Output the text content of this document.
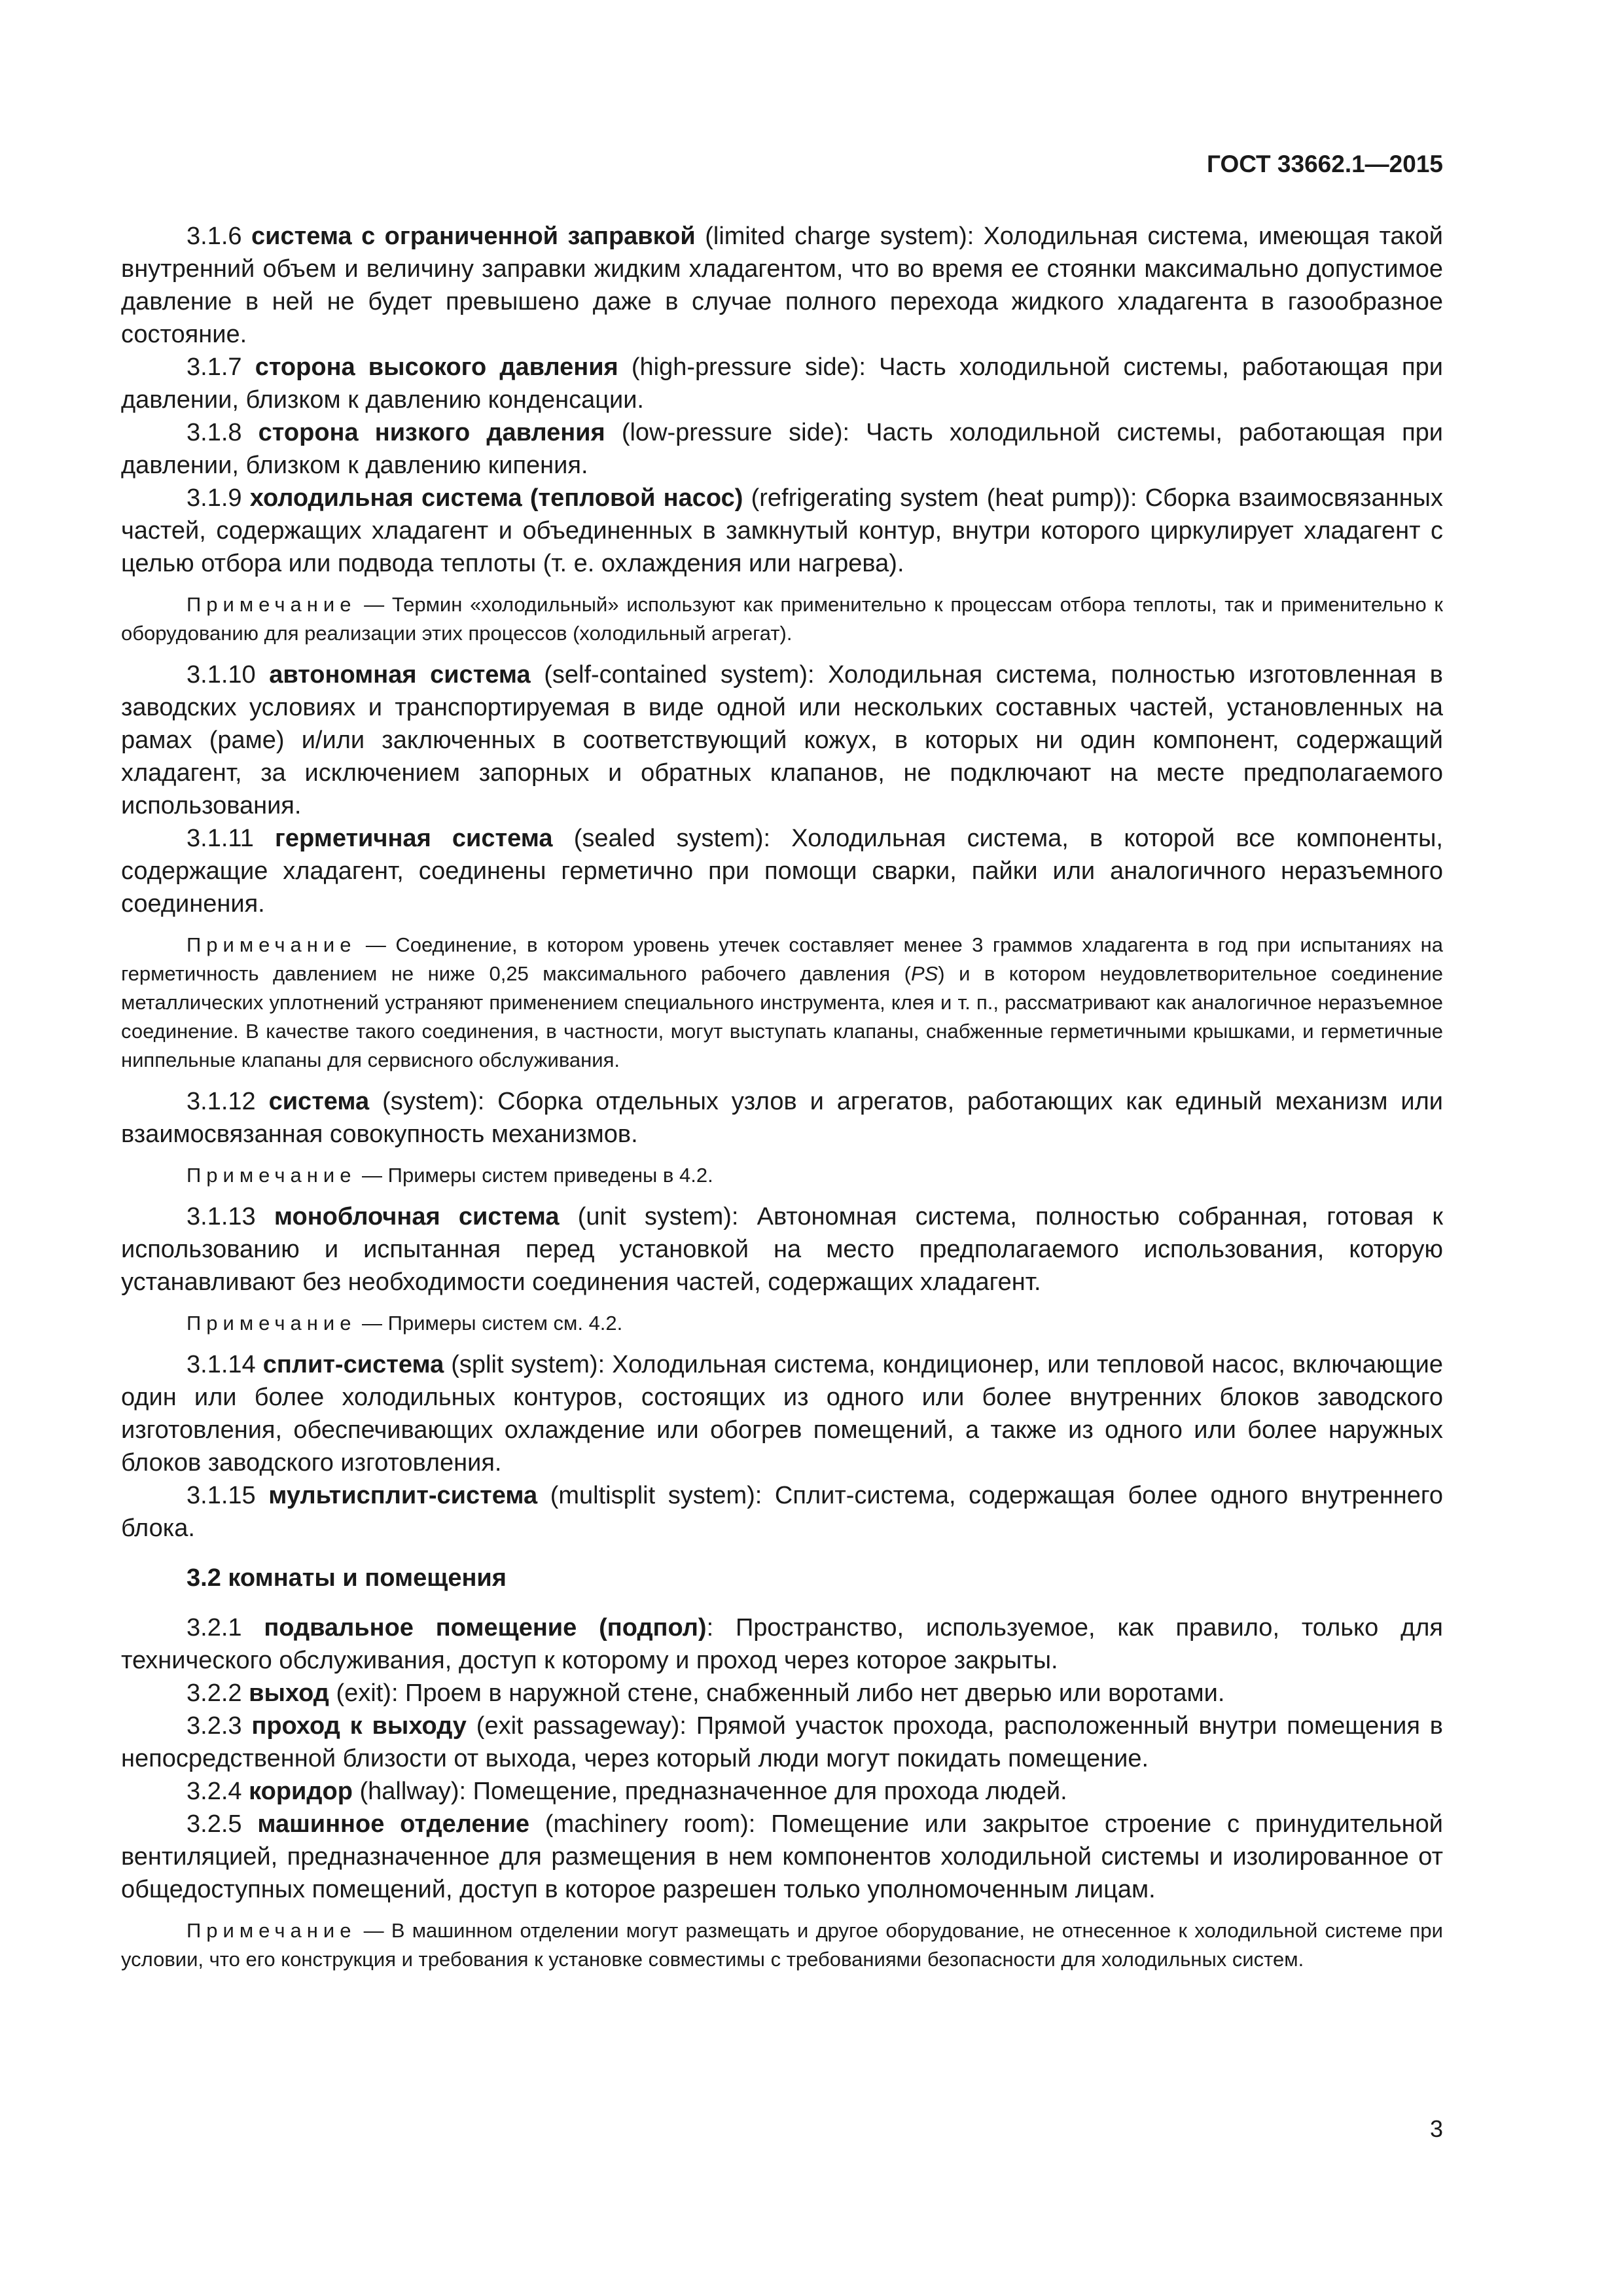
ГОСТ 33662.1—2015

3.1.6 система с ограниченной заправкой (limited charge system): Холодильная система, имеющая такой внутренний объем и величину заправки жидким хладагентом, что во время ее стоянки максимально допустимое давление в ней не будет превышено даже в случае полного перехода жидкого хладагента в газообразное состояние.

3.1.7 сторона высокого давления (high-pressure side): Часть холодильной системы, работающая при давлении, близком к давлению конденсации.

3.1.8 сторона низкого давления (low-pressure side): Часть холодильной системы, работающая при давлении, близком к давлению кипения.

3.1.9 холодильная система (тепловой насос) (refrigerating system (heat pump)): Сборка взаимосвязанных частей, содержащих хладагент и объединенных в замкнутый контур, внутри которого циркулирует хладагент с целью отбора или подвода теплоты (т. е. охлаждения или нагрева).

Примечание — Термин «холодильный» используют как применительно к процессам отбора теплоты, так и применительно к оборудованию для реализации этих процессов (холодильный агрегат).

3.1.10 автономная система (self-contained system): Холодильная система, полностью изготовленная в заводских условиях и транспортируемая в виде одной или нескольких составных частей, установленных на рамах (раме) и/или заключенных в соответствующий кожух, в которых ни один компонент, содержащий хладагент, за исключением запорных и обратных клапанов, не подключают на месте предполагаемого использования.

3.1.11 герметичная система (sealed system): Холодильная система, в которой все компоненты, содержащие хладагент, соединены герметично при помощи сварки, пайки или аналогичного неразъемного соединения.

Примечание — Соединение, в котором уровень утечек составляет менее 3 граммов хладагента в год при испытаниях на герметичность давлением не ниже 0,25 максимального рабочего давления (PS) и в котором неудовлетворительное соединение металлических уплотнений устраняют применением специального инструмента, клея и т. п., рассматривают как аналогичное неразъемное соединение. В качестве такого соединения, в частности, могут выступать клапаны, снабженные герметичными крышками, и герметичные ниппельные клапаны для сервисного обслуживания.

3.1.12 система (system): Сборка отдельных узлов и агрегатов, работающих как единый механизм или взаимосвязанная совокупность механизмов.

Примечание — Примеры систем приведены в 4.2.

3.1.13 моноблочная система (unit system): Автономная система, полностью собранная, готовая к использованию и испытанная перед установкой на место предполагаемого использования, которую устанавливают без необходимости соединения частей, содержащих хладагент.

Примечание — Примеры систем см. 4.2.

3.1.14 сплит-система (split system): Холодильная система, кондиционер, или тепловой насос, включающие один или более холодильных контуров, состоящих из одного или более внутренних блоков заводского изготовления, обеспечивающих охлаждение или обогрев помещений, а также из одного или более наружных блоков заводского изготовления.

3.1.15 мультисплит-система (multisplit system): Сплит-система, содержащая более одного внутреннего блока.

3.2 комнаты и помещения

3.2.1 подвальное помещение (подпол): Пространство, используемое, как правило, только для технического обслуживания, доступ к которому и проход через которое закрыты.

3.2.2 выход (exit): Проем в наружной стене, снабженный либо нет дверью или воротами.

3.2.3 проход к выходу (exit passageway): Прямой участок прохода, расположенный внутри помещения в непосредственной близости от выхода, через который люди могут покидать помещение.

3.2.4 коридор (hallway): Помещение, предназначенное для прохода людей.

3.2.5 машинное отделение (machinery room): Помещение или закрытое строение с принудительной вентиляцией, предназначенное для размещения в нем компонентов холодильной системы и изолированное от общедоступных помещений, доступ в которое разрешен только уполномоченным лицам.

Примечание — В машинном отделении могут размещать и другое оборудование, не отнесенное к холодильной системе при условии, что его конструкция и требования к установке совместимы с требованиями безопасности для холодильных систем.

3
